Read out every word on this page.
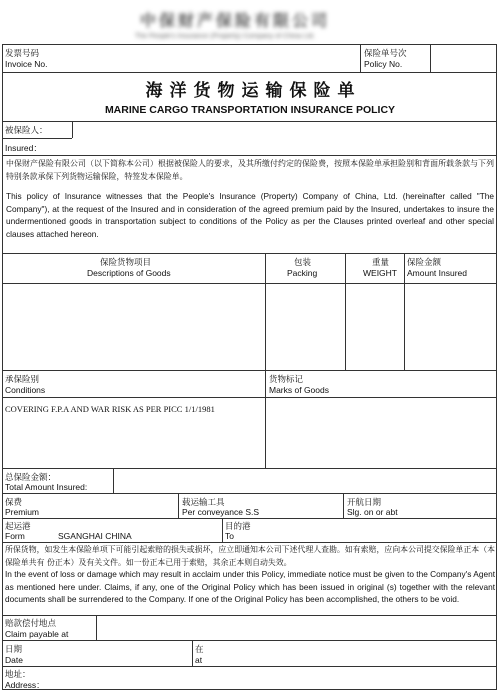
中保财产保险有限公司
The People's Insurance (Property) Company of China Ltd.
发票号码
Invoice No.
保险单号次
Policy No.
海洋货物运输保险单
MARINE CARGO TRANSPORTATION INSURANCE POLICY
被保险人：
Insured：
中保财产保险有限公司（以下简称本公司）根据被保险人的要求，及其所缴付约定的保险费，按照本保险单承担险别和背面所载条款与下列特别条款承保下列货物运输保险，特签发本保险单。
This policy of Insurance witnesses that the People's Insurance (Property) Company of China, Ltd. (hereinafter called "The Company"), at the request of the Insured and in consideration of the agreed premium paid by the Insured, undertakes to insure the undermentioned goods in transportation subject to conditions of the Policy as per the Clauses printed overleaf and other special clauses attached hereon.
保险货物项目
Descriptions of Goods
包装
Packing
重量
WEIGHT
保险金额
Amount Insured
承保险别
Conditions
货物标记
Marks of Goods
COVERING F.P.A AND WAR RISK AS PER PICC 1/1/1981
总保险金额：
Total Amount Insured:
保费
Premium
载运输工具
Per conveyance S.S
开航日期
Slg. on or abt
起运港
Form	SGANGHAI CHINA
目的港
To
所保货物，如发生本保险单项下可能引起索赔的损失或损坏，应立即通知本公司下述代理人查勘。如有索赔，应向本公司提交保险单正本（本保险单共有 份正本）及有关文件。如一份正本已用于索赔，其余正本则自动失效。
In the event of loss or damage which may result in acclaim under this Policy, immediate notice must be given to the Company's Agent as mentioned here under. Claims, if any, one of the Original Policy which has been issued in original (s) together with the relevant documents shall be surrendered to the Company. If one of the Original Policy has been accomplished, the others to be void.
赔款偿付地点
Claim payable at
日期
Date
在
at
地址：
Address：
